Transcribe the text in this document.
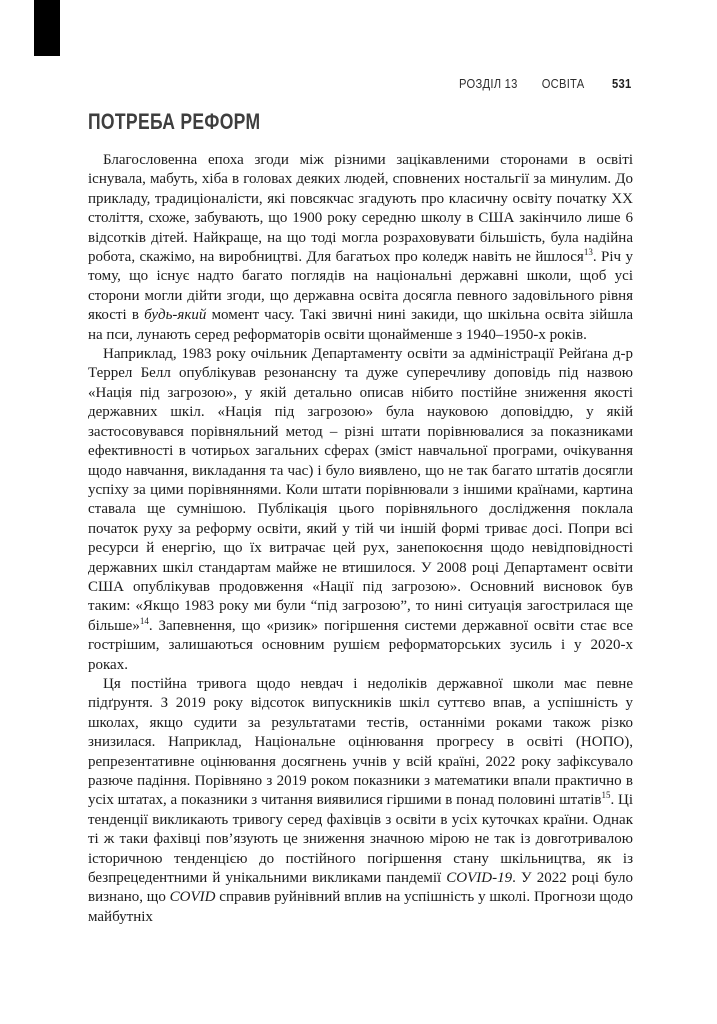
РОЗДІЛ 13 ОСВІТА 531
ПОТРЕБА РЕФОРМ

Благословенна епоха згоди між різними зацікавленими сторонами в освіті існувала, мабуть, хіба в головах деяких людей, сповнених ностальгії за минулим. До прикладу, традиціоналісти, які повсякчас згадують про класичну освіту початку XX століття, схоже, забувають, що 1900 року середню школу в США закінчило лише 6 відсотків дітей. Найкраще, на що тоді могла розраховувати більшість, була надійна робота, скажімо, на виробництві. Для багатьох про коледж навіть не йшлося$^{13}$. Річ у тому, що існує надто багато поглядів на національні державні школи, щоб усі сторони могли дійти згоди, що державна освіта досягла певного задовільного рівня якості в будь-який момент часу. Такі звичні нині закиди, що шкільна освіта зійшла на пси, лунають серед реформаторів освіти щонайменше з 1940–1950-х років.

Наприклад, 1983 року очільник Департаменту освіти за адміністрації Рейґана д-р Террел Белл опублікував резонансну та дуже суперечливу доповідь під назвою «Нація під загрозою», у якій детально описав нібито постійне зниження якості державних шкіл. «Нація під загрозою» була науковою доповіддю, у якій застосовувався порівняльний метод – різні штати порівнювалися за показниками ефективності в чотирьох загальних сферах (зміст навчальної програми, очікування щодо навчання, викладання та час) і було виявлено, що не так багато штатів досягли успіху за цими порівняннями. Коли штати порівнювали з іншими країнами, картина ставала ще сумнішою. Публікація цього порівняльного дослідження поклала початок руху за реформу освіти, який у тій чи іншій формі триває досі. Попри всі ресурси й енергію, що їх витрачає цей рух, занепокоєння щодо невідповідності державних шкіл стандартам майже не втишилося. У 2008 році Департамент освіти США опублікував продовження «Нації під загрозою». Основний висновок був таким: «Якщо 1983 року ми були “під загрозою”, то нині ситуація загострилася ще більше»$^{14}$. Запевнення, що «ризик» погіршення системи державної освіти стає все гострішим, залишаються основним рушієм реформаторських зусиль і у 2020-х роках.

Ця постійна тривога щодо невдач і недоліків державної школи має певне підґрунтя. З 2019 року відсоток випускників шкіл суттєво впав, а успішність у школах, якщо судити за результатами тестів, останніми роками також різко знизилася. Наприклад, Національне оцінювання прогресу в освіті (НОПО), репрезентативне оцінювання досягнень учнів у всій країні, 2022 року зафіксувало разюче падіння. Порівняно з 2019 роком показники з математики впали практично в усіх штатах, а показники з читання виявилися гіршими в понад половині штатів$^{15}$. Ці тенденції викликають тривогу серед фахівців з освіти в усіх куточках країни. Однак ті ж таки фахівці пов’язують це зниження значною мірою не так із довготривалою історичною тенденцією до постійного погіршення стану шкільництва, як із безпрецедентними й унікальними викликами пандемії COVID-19. У 2022 році було визнано, що COVID справив руйнівний вплив на успішність у школі. Прогнози щодо майбутніх
